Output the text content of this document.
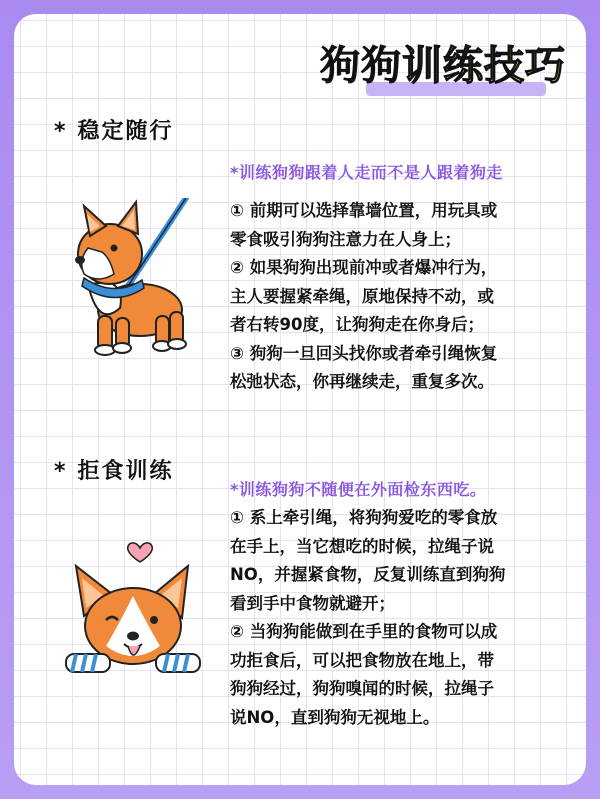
狗狗训练技巧
* 稳定随行
*训练狗狗跟着人走而不是人跟着狗走

① 前期可以选择靠墙位置，用玩具或

零食吸引狗狗注意力在人身上；

② 如果狗狗出现前冲或者爆冲行为，

主人要握紧牵绳，原地保持不动，或

者右转90度，让狗狗走在你身后；

③ 狗狗一旦回头找你或者牵引绳恢复

松弛状态，你再继续走，重复多次。

* 拒食训练
*训练狗狗不随便在外面检东西吃。

① 系上牵引绳，将狗狗爱吃的零食放

在手上，当它想吃的时候，拉绳子说

NO，并握紧食物，反复训练直到狗狗

看到手中食物就避开；

② 当狗狗能做到在手里的食物可以成

功拒食后，可以把食物放在地上，带

狗狗经过，狗狗嗅闻的时候，拉绳子

说NO，直到狗狗无视地上。
